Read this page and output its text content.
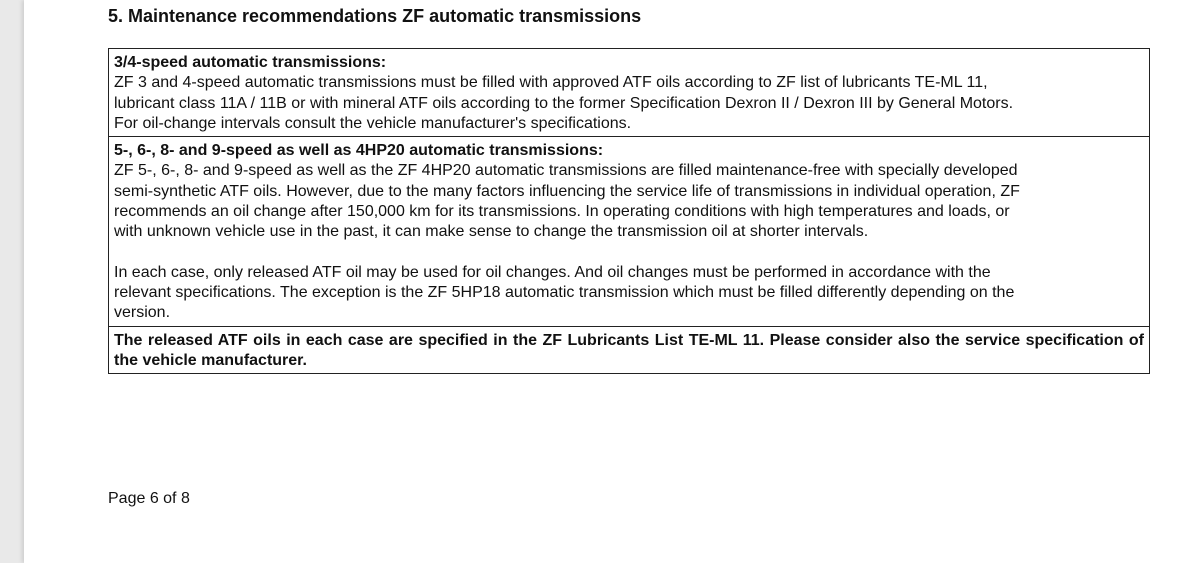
5. Maintenance recommendations ZF automatic transmissions
3/4-speed automatic transmissions:

ZF 3 and 4-speed automatic transmissions must be filled with approved ATF oils according to ZF list of lubricants TE-ML 11,
lubricant class 11A / 11B or with mineral ATF oils according to the former Specification Dexron II / Dexron III by General Motors.
For oil-change intervals consult the vehicle manufacturer's specifications.

5-, 6-, 8- and 9-speed as well as 4HP20 automatic transmissions:

ZF 5-, 6-, 8- and 9-speed as well as the ZF 4HP20 automatic transmissions are filled maintenance-free with specially developed
semi-synthetic ATF oils. However, due to the many factors influencing the service life of transmissions in individual operation, ZF
recommends an oil change after 150,000 km for its transmissions. In operating conditions with high temperatures and loads, or
with unknown vehicle use in the past, it can make sense to change the transmission oil at shorter intervals.

In each case, only released ATF oil may be used for oil changes. And oil changes must be performed in accordance with the
relevant specifications. The exception is the ZF 5HP18 automatic transmission which must be filled differently depending on the
version.

The released ATF oils in each case are specified in the ZF Lubricants List TE-ML 11. Please consider also the service specification of the vehicle manufacturer.
Page 6 of 8
